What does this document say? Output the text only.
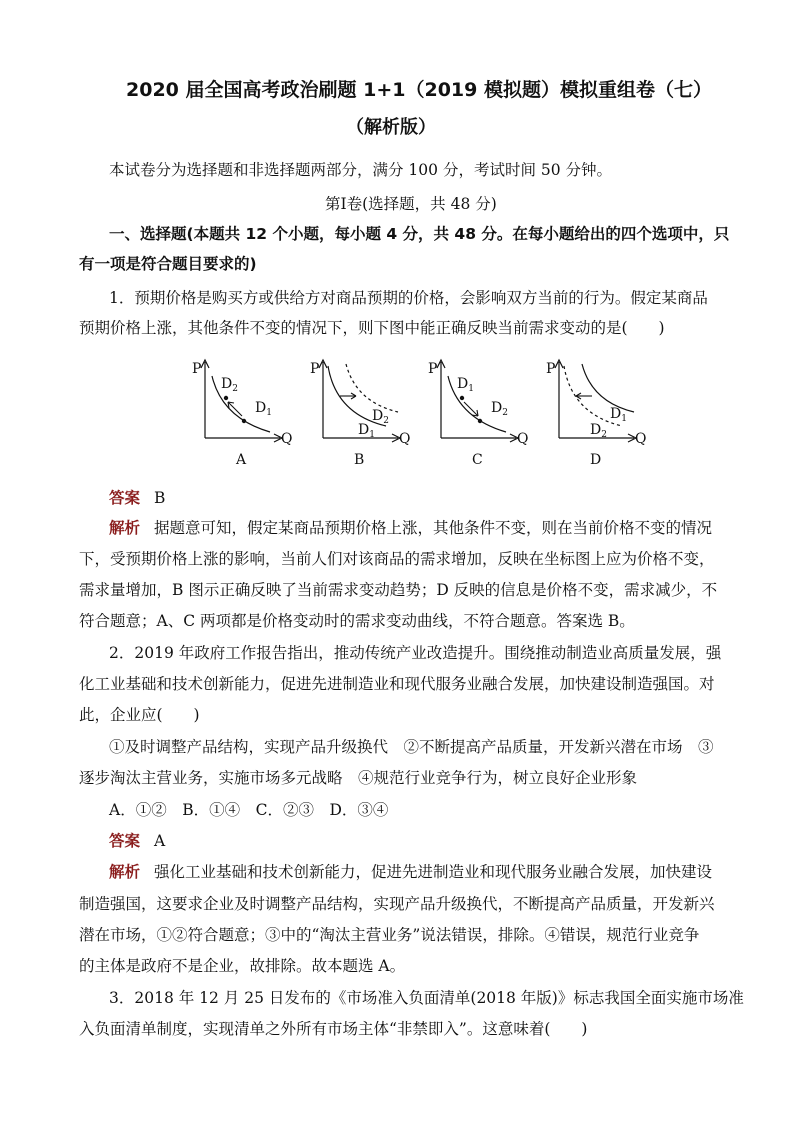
2020 届全国高考政治刷题 1+1（2019 模拟题）模拟重组卷（七）
（解析版）
本试卷分为选择题和非选择题两部分，满分 100 分，考试时间 50 分钟。
第Ⅰ卷(选择题，共 48 分)
一、选择题(本题共 12 个小题，每小题 4 分，共 48 分。在每小题给出的四个选项中，只
有一项是符合题目要求的)
1．预期价格是购买方或供给方对商品预期的价格，会影响双方当前的行为。假定某商品
预期价格上涨，其他条件不变的情况下，则下图中能正确反映当前需求变动的是(　　)
P
Q
$D_2$
$D_1$
A
P
Q
$D_2$
$D_1$
B
P
Q
$D_1$
$D_2$
C
P
Q
$D_1$
$D_2$
D
答案 B
解析 据题意可知，假定某商品预期价格上涨，其他条件不变，则在当前价格不变的情况
下，受预期价格上涨的影响，当前人们对该商品的需求增加，反映在坐标图上应为价格不变，
需求量增加，B 图示正确反映了当前需求变动趋势；D 反映的信息是价格不变，需求减少，不
符合题意；A、C 两项都是价格变动时的需求变动曲线，不符合题意。答案选 B。
2．2019 年政府工作报告指出，推动传统产业改造提升。围绕推动制造业高质量发展，强
化工业基础和技术创新能力，促进先进制造业和现代服务业融合发展，加快建设制造强国。对
此，企业应(　　)
①及时调整产品结构，实现产品升级换代　②不断提高产品质量，开发新兴潜在市场　③
逐步淘汰主营业务，实施市场多元战略　④规范行业竞争行为，树立良好企业形象
A．①②　B．①④　C．②③　D．③④
答案 A
解析 强化工业基础和技术创新能力，促进先进制造业和现代服务业融合发展，加快建设
制造强国，这要求企业及时调整产品结构，实现产品升级换代，不断提高产品质量，开发新兴
潜在市场，①②符合题意；③中的“淘汰主营业务”说法错误，排除。④错误，规范行业竞争
的主体是政府不是企业，故排除。故本题选 A。
3．2018 年 12 月 25 日发布的《市场准入负面清单(2018 年版)》标志我国全面实施市场准
入负面清单制度，实现清单之外所有市场主体“非禁即入”。这意味着(　　)
